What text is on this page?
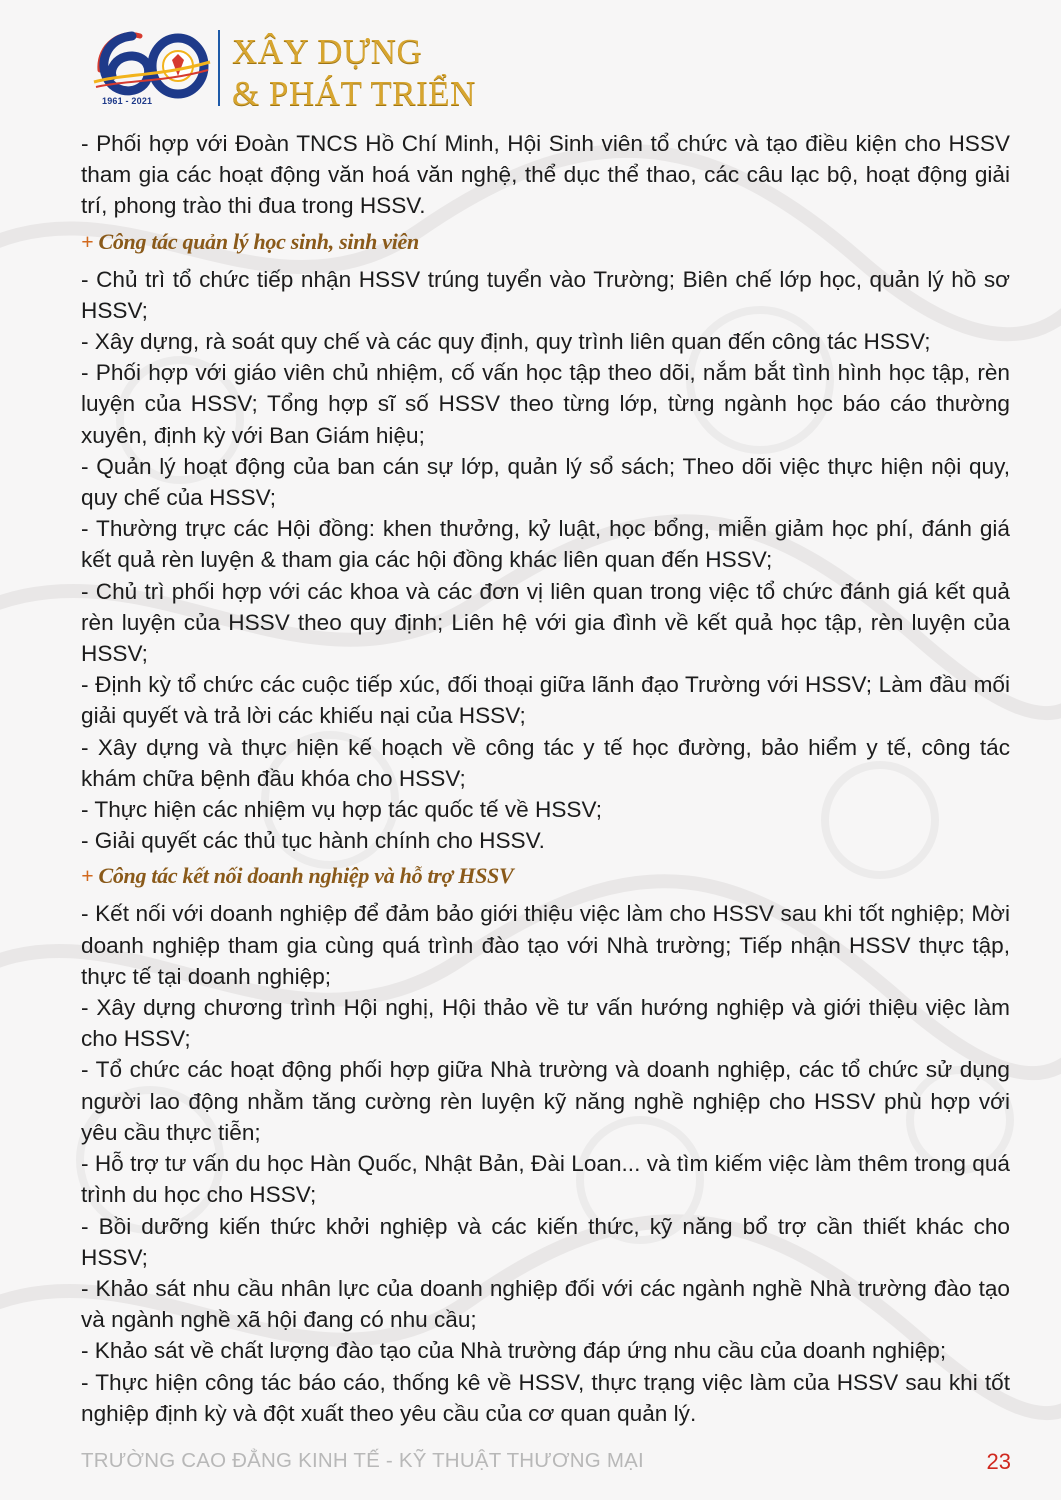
1961 - 2021
XÂY DỰNG
& PHÁT TRIỂN

- Phối hợp với Đoàn TNCS Hồ Chí Minh, Hội Sinh viên tổ chức và tạo điều kiện cho HSSV tham gia các hoạt động văn hoá văn nghệ, thể dục thể thao, các câu lạc bộ, hoạt động giải trí, phong trào thi đua trong HSSV.

+ Công tác quản lý học sinh, sinh viên

- Chủ trì tổ chức tiếp nhận HSSV trúng tuyển vào Trường; Biên chế lớp học, quản lý hồ sơ HSSV;

- Xây dựng, rà soát quy chế và các quy định, quy trình liên quan đến công tác HSSV;

- Phối hợp với giáo viên chủ nhiệm, cố vấn học tập theo dõi, nắm bắt tình hình học tập, rèn luyện của HSSV; Tổng hợp sĩ số HSSV theo từng lớp, từng ngành học báo cáo thường xuyên, định kỳ với Ban Giám hiệu;

- Quản lý hoạt động của ban cán sự lớp, quản lý sổ sách; Theo dõi việc thực hiện nội quy, quy chế của HSSV;

- Thường trực các Hội đồng: khen thưởng, kỷ luật, học bổng, miễn giảm học phí, đánh giá kết quả rèn luyện & tham gia các hội đồng khác liên quan đến HSSV;

- Chủ trì phối hợp với các khoa và các đơn vị liên quan trong việc tổ chức đánh giá kết quả rèn luyện của HSSV theo quy định; Liên hệ với gia đình về kết quả học tập, rèn luyện của HSSV;

- Định kỳ tổ chức các cuộc tiếp xúc, đối thoại giữa lãnh đạo Trường với HSSV; Làm đầu mối giải quyết và trả lời các khiếu nại của HSSV;

- Xây dựng và thực hiện kế hoạch về công tác y tế học đường, bảo hiểm y tế, công tác khám chữa bệnh đầu khóa cho HSSV;

- Thực hiện các nhiệm vụ hợp tác quốc tế về HSSV;

- Giải quyết các thủ tục hành chính cho HSSV.

+ Công tác kết nối doanh nghiệp và hỗ trợ HSSV

- Kết nối với doanh nghiệp để đảm bảo giới thiệu việc làm cho HSSV sau khi tốt nghiệp; Mời doanh nghiệp tham gia cùng quá trình đào tạo với Nhà trường; Tiếp nhận HSSV thực tập, thực tế tại doanh nghiệp;

- Xây dựng chương trình Hội nghị, Hội thảo về tư vấn hướng nghiệp và giới thiệu việc làm cho HSSV;

- Tổ chức các hoạt động phối hợp giữa Nhà trường và doanh nghiệp, các tổ chức sử dụng người lao động nhằm tăng cường rèn luyện kỹ năng nghề nghiệp cho HSSV phù hợp với yêu cầu thực tiễn;

- Hỗ trợ tư vấn du học Hàn Quốc, Nhật Bản, Đài Loan... và tìm kiếm việc làm thêm trong quá trình du học cho HSSV;

- Bồi dưỡng kiến thức khởi nghiệp và các kiến thức, kỹ năng bổ trợ cần thiết khác cho HSSV;

- Khảo sát nhu cầu nhân lực của doanh nghiệp đối với các ngành nghề Nhà trường đào tạo và ngành nghề xã hội đang có nhu cầu;

- Khảo sát về chất lượng đào tạo của Nhà trường đáp ứng nhu cầu của doanh nghiệp;

- Thực hiện công tác báo cáo, thống kê về HSSV, thực trạng việc làm của HSSV sau khi tốt nghiệp định kỳ và đột xuất theo yêu cầu của cơ quan quản lý.

TRƯỜNG CAO ĐẲNG KINH TẾ - KỸ THUẬT THƯƠNG MẠI	23
